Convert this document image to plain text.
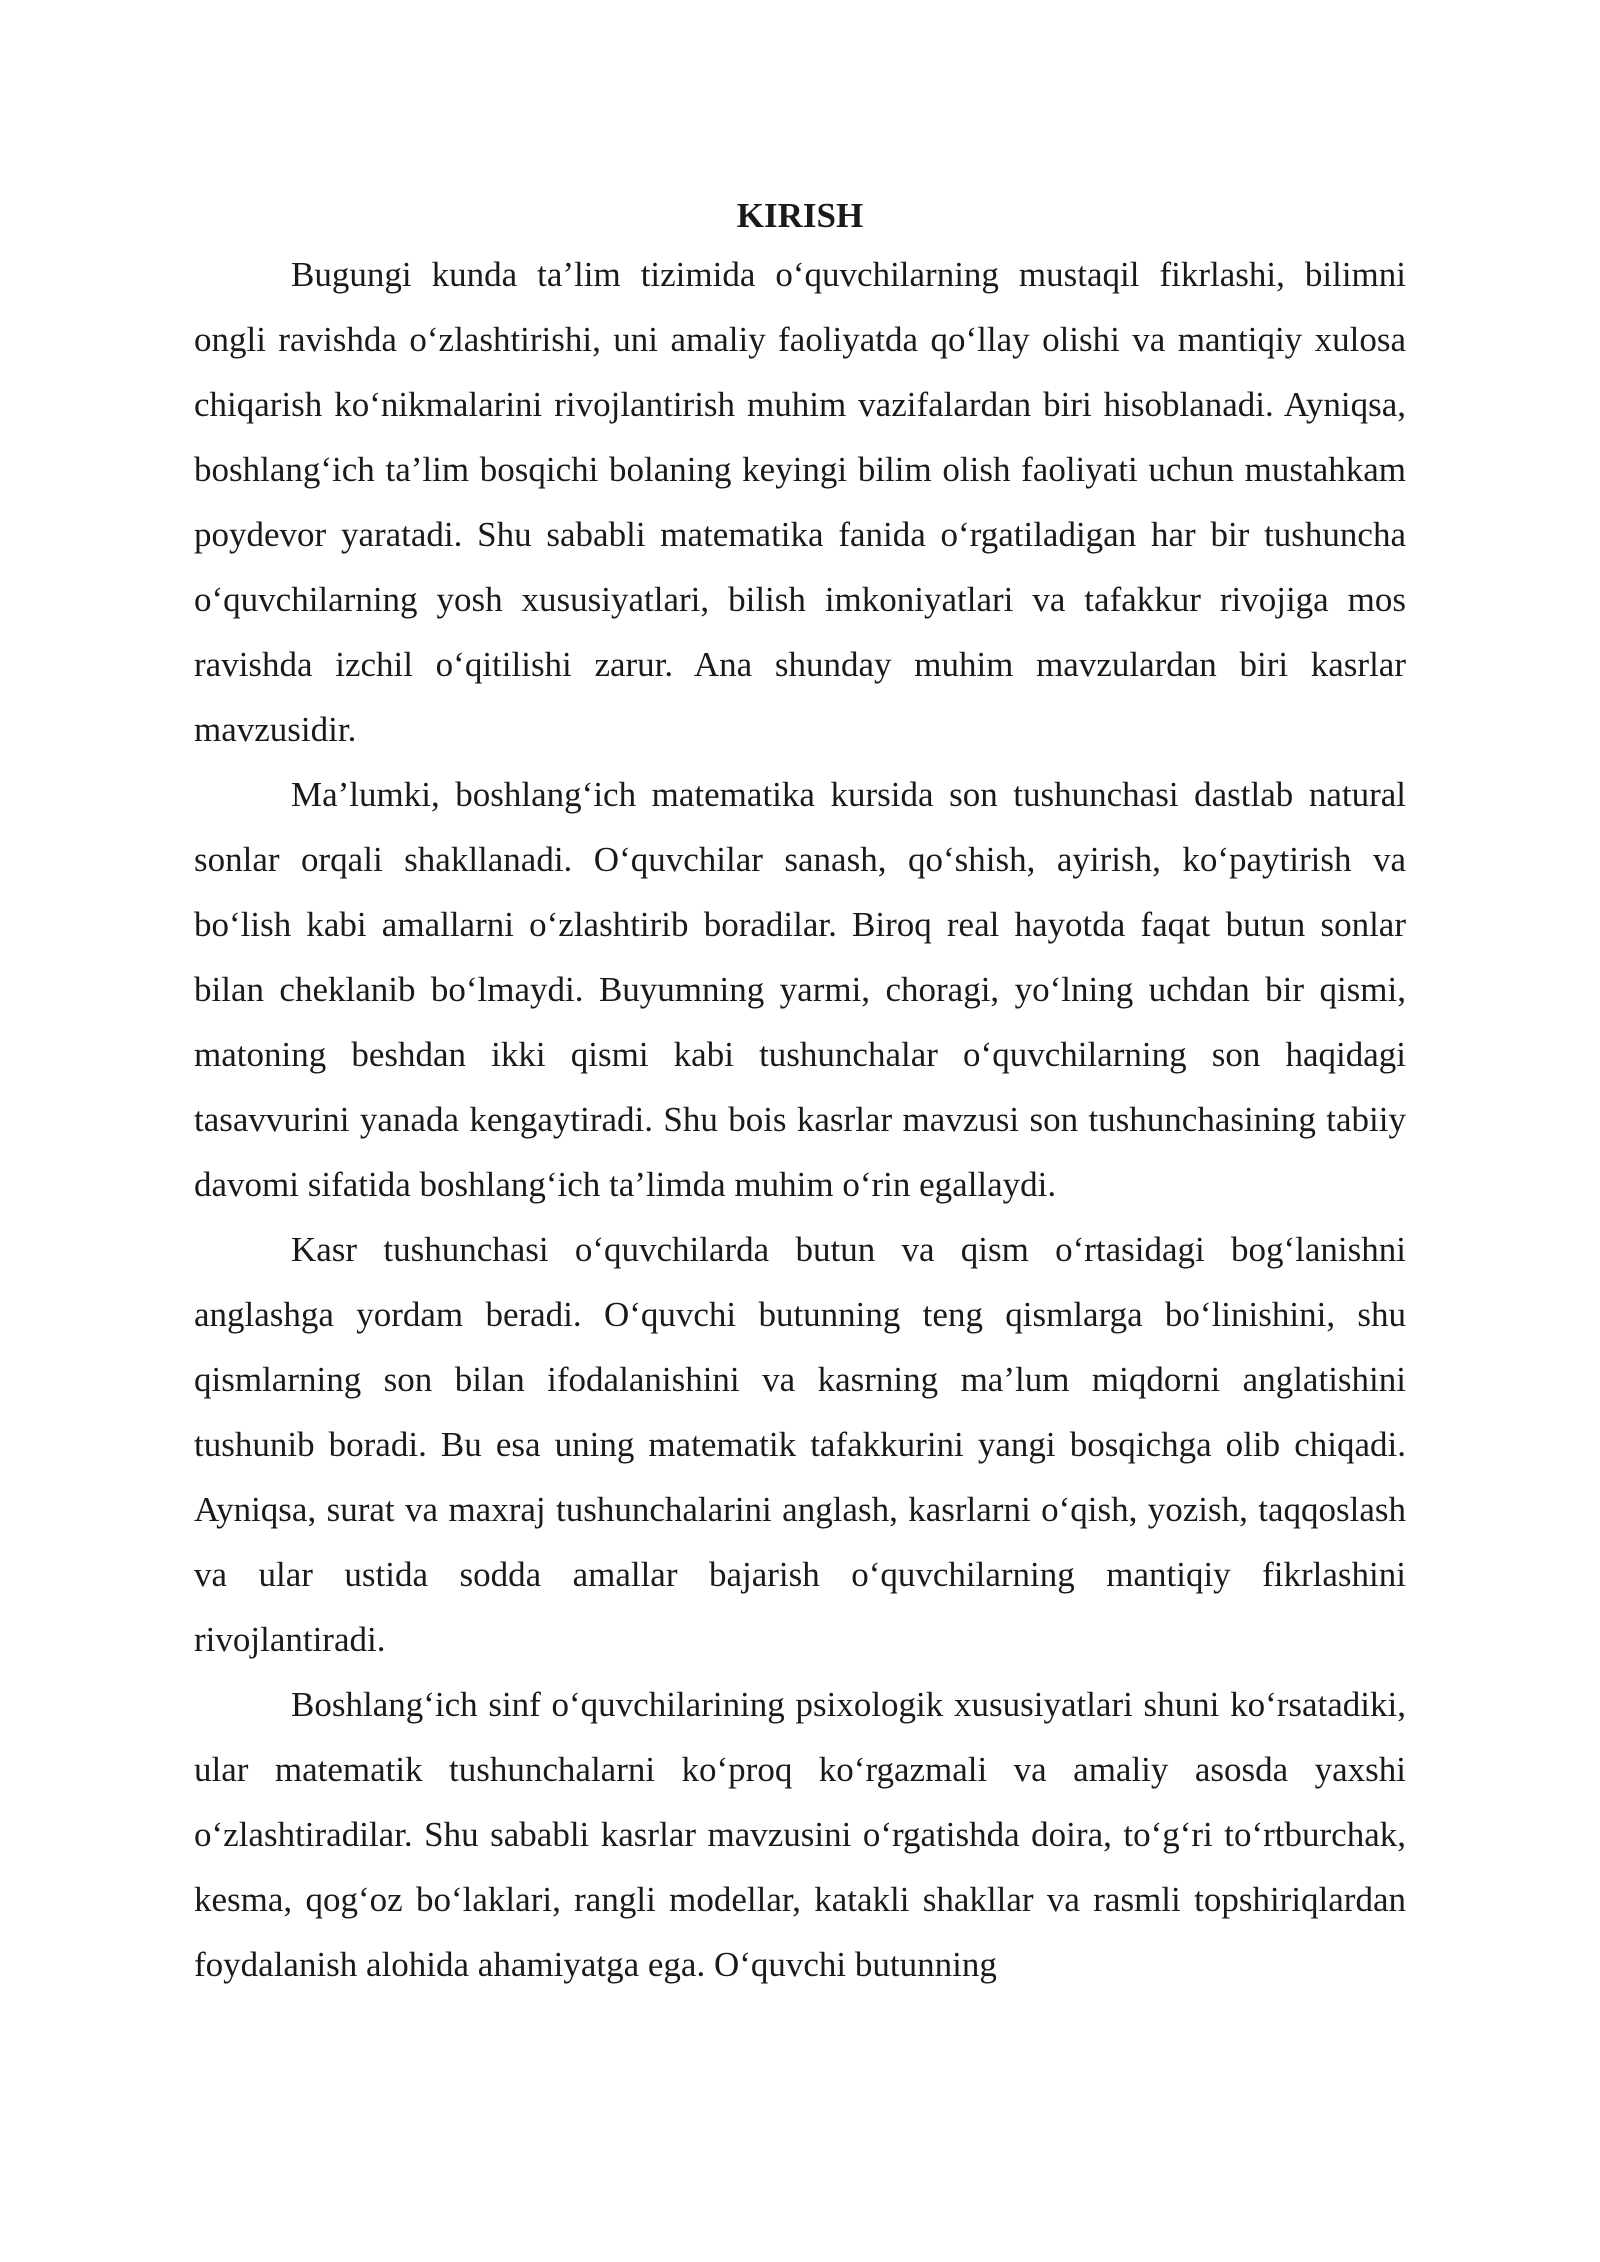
KIRISH

Bugungi kunda ta’lim tizimida o‘quvchilarning mustaqil fikrlashi, bilimni ongli ravishda o‘zlashtirishi, uni amaliy faoliyatda qo‘llay olishi va mantiqiy xulosa chiqarish ko‘nikmalarini rivojlantirish muhim vazifalardan biri hisoblanadi. Ayniqsa, boshlang‘ich ta’lim bosqichi bolaning keyingi bilim olish faoliyati uchun mustahkam poydevor yaratadi. Shu sababli matematika fanida o‘rgatiladigan har bir tushuncha o‘quvchilarning yosh xususiyatlari, bilish imkoniyatlari va tafakkur rivojiga mos ravishda izchil o‘qitilishi zarur. Ana shunday muhim mavzulardan biri kasrlar mavzusidir.

Ma’lumki, boshlang‘ich matematika kursida son tushunchasi dastlab natural sonlar orqali shakllanadi. O‘quvchilar sanash, qo‘shish, ayirish, ko‘paytirish va bo‘lish kabi amallarni o‘zlashtirib boradilar. Biroq real hayotda faqat butun sonlar bilan cheklanib bo‘lmaydi. Buyumning yarmi, choragi, yo‘lning uchdan bir qismi, matoning beshdan ikki qismi kabi tushunchalar o‘quvchilarning son haqidagi tasavvurini yanada kengaytiradi. Shu bois kasrlar mavzusi son tushunchasining tabiiy davomi sifatida boshlang‘ich ta’limda muhim o‘rin egallaydi.

Kasr tushunchasi o‘quvchilarda butun va qism o‘rtasidagi bog‘lanishni anglashga yordam beradi. O‘quvchi butunning teng qismlarga bo‘linishini, shu qismlarning son bilan ifodalanishini va kasrning ma’lum miqdorni anglatishini tushunib boradi. Bu esa uning matematik tafakkurini yangi bosqichga olib chiqadi. Ayniqsa, surat va maxraj tushunchalarini anglash, kasrlarni o‘qish, yozish, taqqoslash va ular ustida sodda amallar bajarish o‘quvchilarning mantiqiy fikrlashini rivojlantiradi.

Boshlang‘ich sinf o‘quvchilarining psixologik xususiyatlari shuni ko‘rsatadiki, ular matematik tushunchalarni ko‘proq ko‘rgazmali va amaliy asosda yaxshi o‘zlashtiradilar. Shu sababli kasrlar mavzusini o‘rgatishda doira, to‘g‘ri to‘rtburchak, kesma, qog‘oz bo‘laklari, rangli modellar, katakli shakllar va rasmli topshiriqlardan foydalanish alohida ahamiyatga ega. O‘quvchi butunning
